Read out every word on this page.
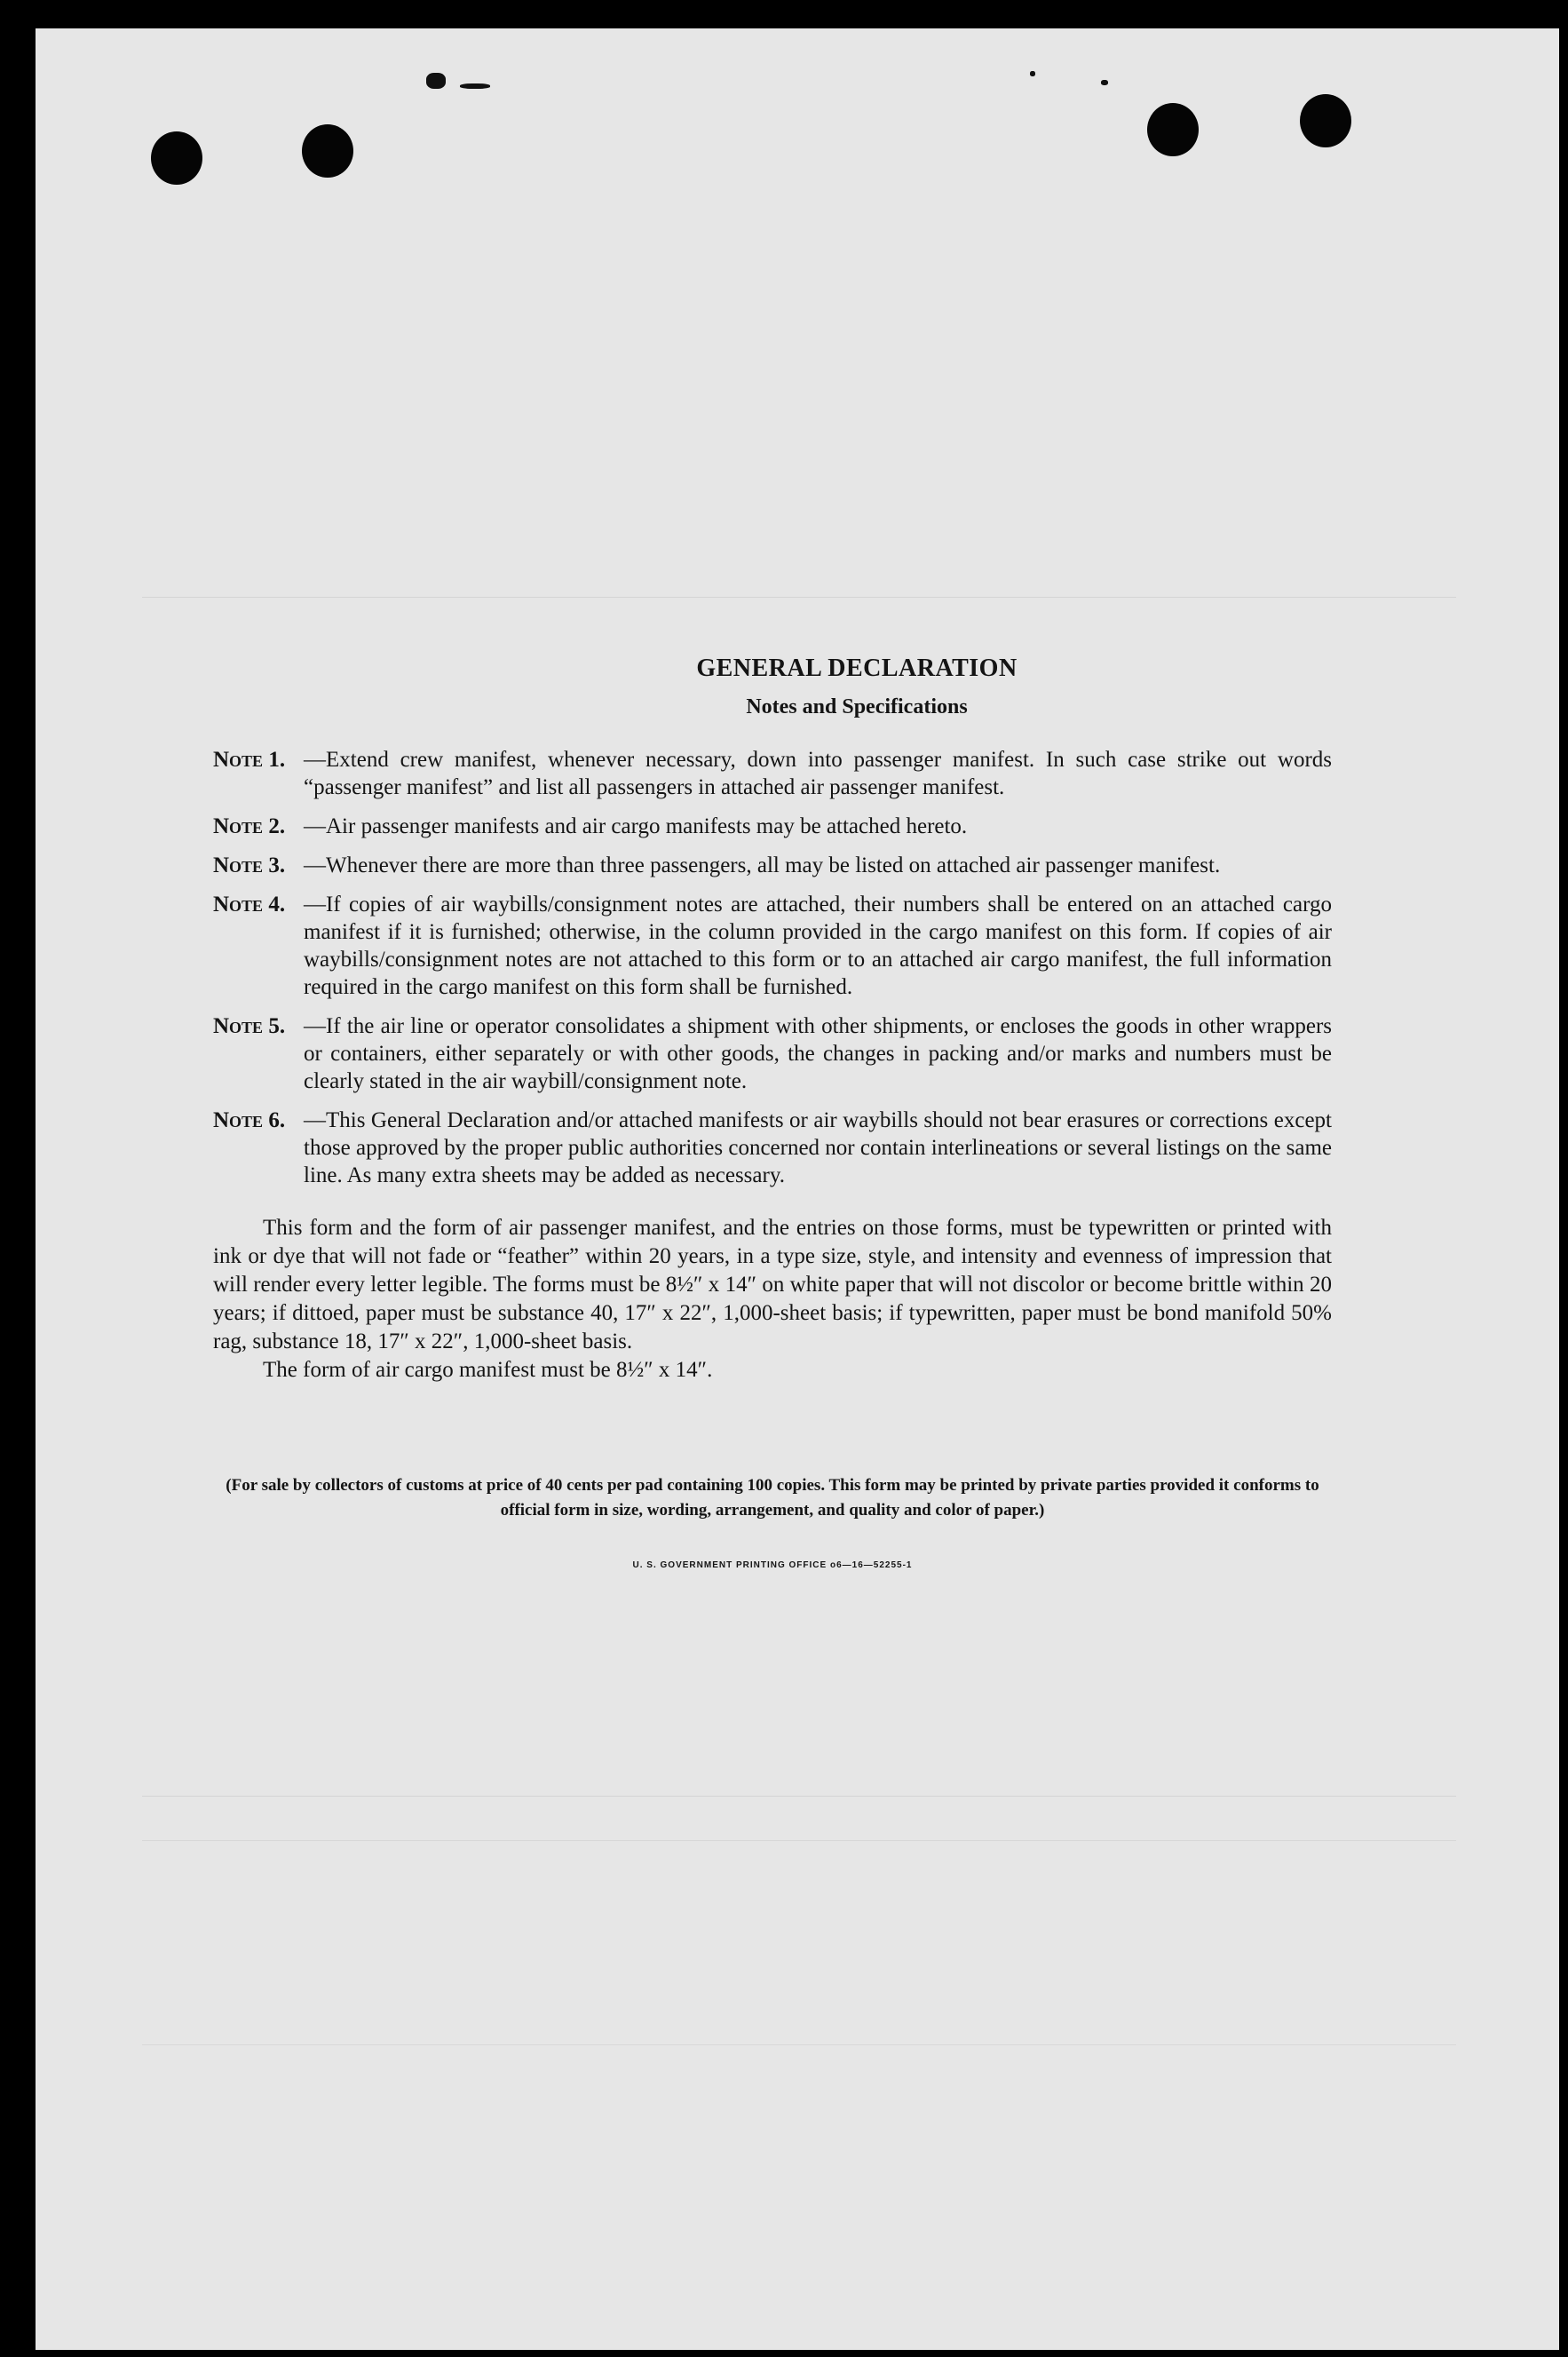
GENERAL DECLARATION
Notes and Specifications
Note 1. —Extend crew manifest, whenever necessary, down into passenger manifest. In such case strike out words “passenger manifest” and list all passengers in attached air passenger manifest.
Note 2. —Air passenger manifests and air cargo manifests may be attached hereto.
Note 3. —Whenever there are more than three passengers, all may be listed on attached air passenger manifest.
Note 4. —If copies of air waybills/consignment notes are attached, their numbers shall be entered on an attached cargo manifest if it is furnished; otherwise, in the column provided in the cargo manifest on this form. If copies of air waybills/consignment notes are not attached to this form or to an attached air cargo manifest, the full information required in the cargo manifest on this form shall be furnished.
Note 5. —If the air line or operator consolidates a shipment with other shipments, or encloses the goods in other wrappers or containers, either separately or with other goods, the changes in packing and/or marks and numbers must be clearly stated in the air waybill/consignment note.
Note 6. —This General Declaration and/or attached manifests or air waybills should not bear erasures or corrections except those approved by the proper public authorities concerned nor contain interlineations or several listings on the same line. As many extra sheets may be added as necessary.
This form and the form of air passenger manifest, and the entries on those forms, must be typewritten or printed with ink or dye that will not fade or “feather” within 20 years, in a type size, style, and intensity and evenness of impression that will render every letter legible. The forms must be 8½″ x 14″ on white paper that will not discolor or become brittle within 20 years; if dittoed, paper must be substance 40, 17″ x 22″, 1,000-sheet basis; if typewritten, paper must be bond manifold 50% rag, substance 18, 17″ x 22″, 1,000-sheet basis.
The form of air cargo manifest must be 8½″ x 14″.
(For sale by collectors of customs at price of 40 cents per pad containing 100 copies. This form may be printed by private parties provided it conforms to official form in size, wording, arrangement, and quality and color of paper.)
U. S. GOVERNMENT PRINTING OFFICE o6—16—52255-1
